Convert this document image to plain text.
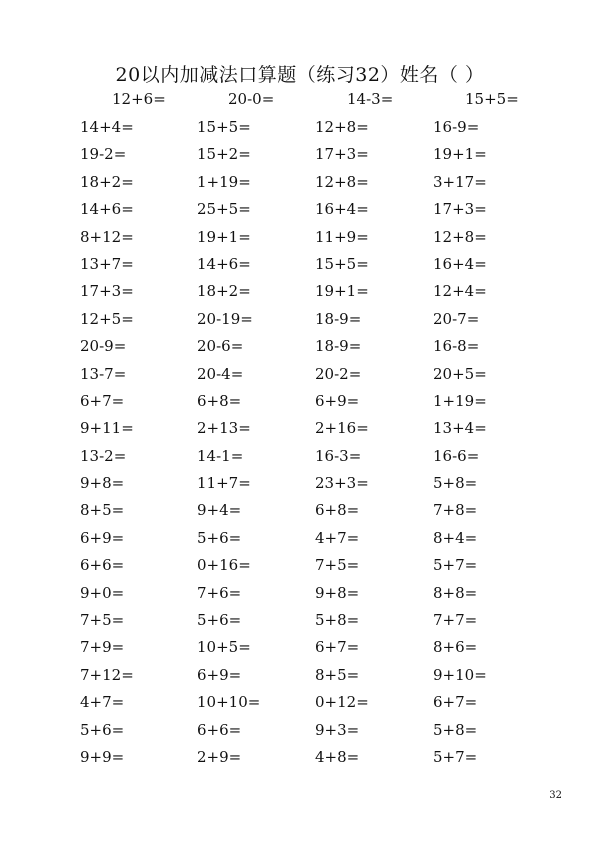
20以内加减法口算题（练习32）姓名（ ）
12+6=	20-0=	14-3=	15+5=
14+4=	15+5=	12+8=	16-9=
19-2=	15+2=	17+3=	19+1=
18+2=	1+19=	12+8=	3+17=
14+6=	25+5=	16+4=	17+3=
8+12=	19+1=	11+9=	12+8=
13+7=	14+6=	15+5=	16+4=
17+3=	18+2=	19+1=	12+4=
12+5=	20-19=	18-9=	20-7=
20-9=	20-6=	18-9=	16-8=
13-7=	20-4=	20-2=	20+5=
6+7=	6+8=	6+9=	1+19=
9+11=	2+13=	2+16=	13+4=
13-2=	14-1=	16-3=	16-6=
9+8=	11+7=	23+3=	5+8=
8+5=	9+4=	6+8=	7+8=
6+9=	5+6=	4+7=	8+4=
6+6=	0+16=	7+5=	5+7=
9+0=	7+6=	9+8=	8+8=
7+5=	5+6=	5+8=	7+7=
7+9=	10+5=	6+7=	8+6=
7+12=	6+9=	8+5=	9+10=
4+7=	10+10=	0+12=	6+7=
5+6=	6+6=	9+3=	5+8=
9+9=	2+9=	4+8=	5+7=
32
